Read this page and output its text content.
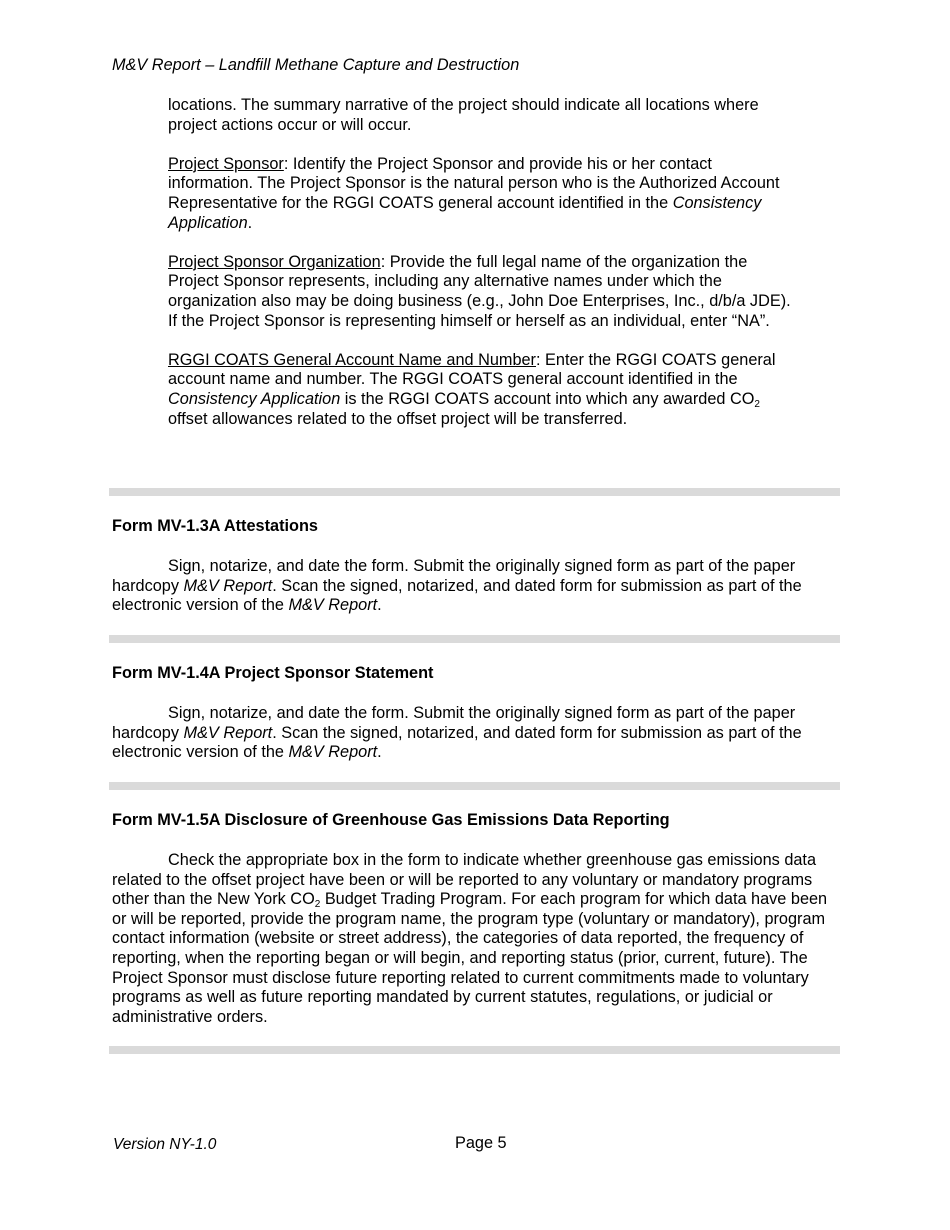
M&V Report – Landfill Methane Capture and Destruction

locations. The summary narrative of the project should indicate all locations where project actions occur or will occur.

Project Sponsor: Identify the Project Sponsor and provide his or her contact information. The Project Sponsor is the natural person who is the Authorized Account Representative for the RGGI COATS general account identified in the Consistency Application.

Project Sponsor Organization: Provide the full legal name of the organization the Project Sponsor represents, including any alternative names under which the organization also may be doing business (e.g., John Doe Enterprises, Inc., d/b/a JDE). If the Project Sponsor is representing himself or herself as an individual, enter “NA”.

RGGI COATS General Account Name and Number: Enter the RGGI COATS general account name and number. The RGGI COATS general account identified in the Consistency Application is the RGGI COATS account into which any awarded $CO_2$ offset allowances related to the offset project will be transferred.

Form MV-1.3A Attestations

Sign, notarize, and date the form. Submit the originally signed form as part of the paper hardcopy M&V Report. Scan the signed, notarized, and dated form for submission as part of the electronic version of the M&V Report.

Form MV-1.4A Project Sponsor Statement

Sign, notarize, and date the form. Submit the originally signed form as part of the paper hardcopy M&V Report. Scan the signed, notarized, and dated form for submission as part of the electronic version of the M&V Report.

Form MV-1.5A Disclosure of Greenhouse Gas Emissions Data Reporting

Check the appropriate box in the form to indicate whether greenhouse gas emissions data related to the offset project have been or will be reported to any voluntary or mandatory programs other than the New York $CO_2$ Budget Trading Program. For each program for which data have been or will be reported, provide the program name, the program type (voluntary or mandatory), program contact information (website or street address), the categories of data reported, the frequency of reporting, when the reporting began or will begin, and reporting status (prior, current, future). The Project Sponsor must disclose future reporting related to current commitments made to voluntary programs as well as future reporting mandated by current statutes, regulations, or judicial or administrative orders.

Version NY-1.0	Page 5
